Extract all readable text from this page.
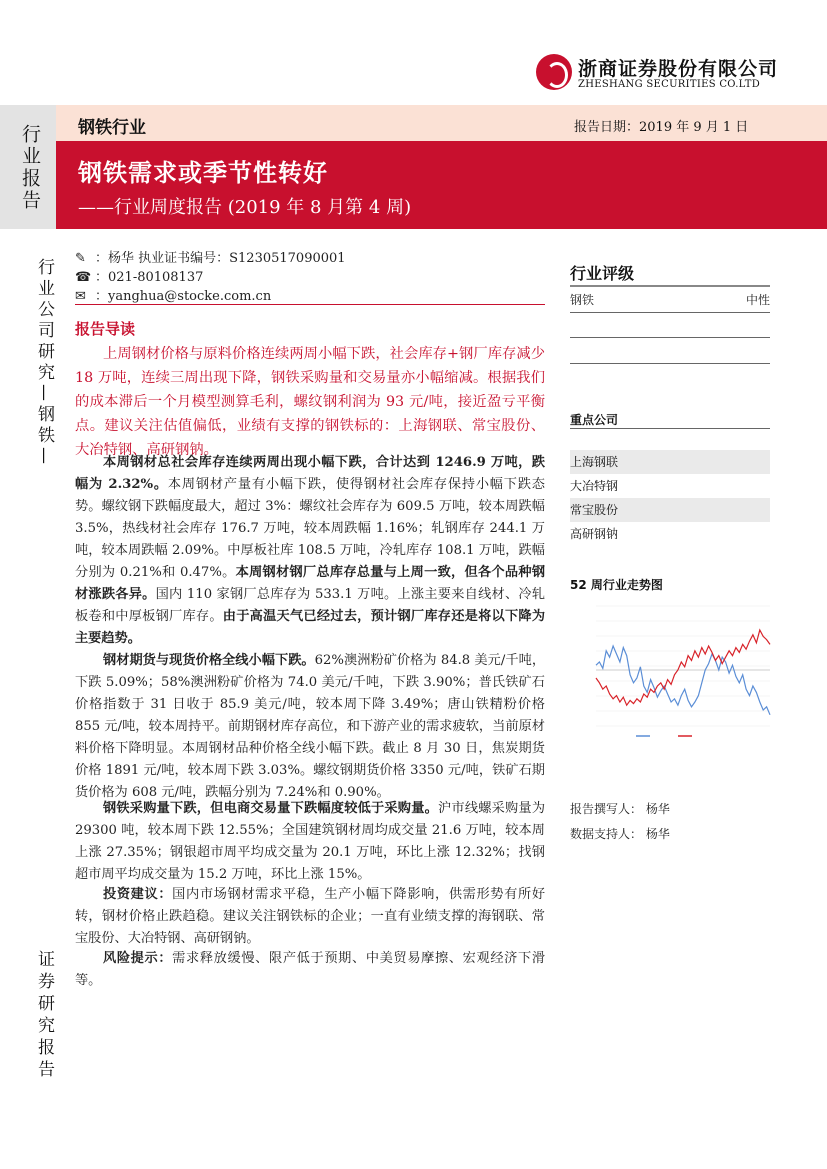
浙商证券股份有限公司
ZHESHANG SECURITIES CO.LTD
行业报告 钢铁行业	报告日期：2019 年 9 月 1 日
钢铁需求或季节性转好
——行业周度报告 (2019 年 8 月第 4 周)
行业公司研究—钢铁—
证券研究报告
✎ ：杨华 执业证书编号：S1230517090001
☎ ：021-80108137
✉ ：yanghua@stocke.com.cn
报告导读
上周钢材价格与原料价格连续两周小幅下跌，社会库存+钢厂库存减少 18 万吨，连续三周出现下降，钢铁采购量和交易量亦小幅缩减。根据我们的成本滞后一个月模型测算毛利，螺纹钢利润为 93 元/吨，接近盈亏平衡点。建议关注估值偏低，业绩有支撑的钢铁标的：上海钢联、常宝股份、大冶特钢、高研钢钠。
本周钢材总社会库存连续两周出现小幅下跌，合计达到 1246.9 万吨，跌幅为 2.32%。本周钢材产量有小幅下跌，使得钢材社会库存保持小幅下跌态势。螺纹钢下跌幅度最大，超过 3%：螺纹社会库存为 609.5 万吨，较本周跌幅 3.5%，热线材社会库存 176.7 万吨，较本周跌幅 1.16%；轧钢库存 244.1 万吨，较本周跌幅 2.09%。中厚板社库 108.5 万吨，冷轧库存 108.1 万吨，跌幅分别为 0.21%和 0.47%。本周钢材钢厂总库存总量与上周一致，但各个品种钢材涨跌各异。国内 110 家钢厂总库存为 533.1 万吨。上涨主要来自线材、冷轧板卷和中厚板钢厂库存。由于高温天气已经过去，预计钢厂库存还是将以下降为主要趋势。
钢材期货与现货价格全线小幅下跌。62%澳洲粉矿价格为 84.8 美元/千吨，下跌 5.09%；58%澳洲粉矿价格为 74.0 美元/千吨，下跌 3.90%；普氏铁矿石价格指数于 31 日收于 85.9 美元/吨，较本周下降 3.49%；唐山铁精粉价格 855 元/吨，较本周持平。前期钢材库存高位，和下游产业的需求疲软，当前原材料价格下降明显。本周钢材品种价格全线小幅下跌。截止 8 月 30 日，焦炭期货价格 1891 元/吨，较本周下跌 3.03%。螺纹钢期货价格 3350 元/吨，铁矿石期货价格为 608 元/吨，跌幅分别为 7.24%和 0.90%。
钢铁采购量下跌，但电商交易量下跌幅度较低于采购量。沪市线螺采购量为 29300 吨，较本周下跌 12.55%；全国建筑钢材周均成交量 21.6 万吨，较本周上涨 27.35%；钢银超市周平均成交量为 20.1 万吨，环比上涨 12.32%；找钢超市周平均成交量为 15.2 万吨，环比上涨 15%。
投资建议：国内市场钢材需求平稳，生产小幅下降影响，供需形势有所好转，钢材价格止跌趋稳。建议关注钢铁标的企业；一直有业绩支撑的海钢联、常宝股份、大冶特钢、高研钢钠。
风险提示：需求释放缓慢、限产低于预期、中美贸易摩擦、宏观经济下滑等。
行业评级
钢铁	中性
重点公司
上海钢联
大冶特钢
常宝股份
高研钢钠
52 周行业走势图
报告撰写人： 杨华
数据支持人： 杨华
